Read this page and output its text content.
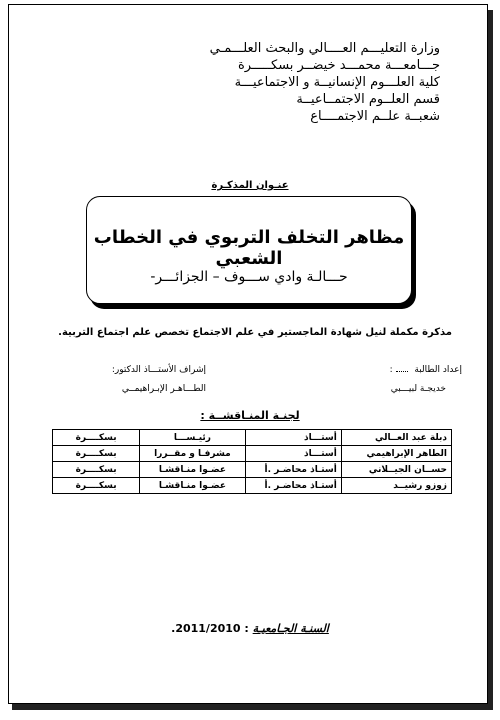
وزارة التعليـــم العــــالي والبحث العلـــمـي
جـــامعـــة محمـــد خيضــر بسكـــــرة
كلية العلـــوم الإنسانيــة و الاجتماعيـــة
قسم العلــوم الاجتمــاعيــة
شعبــة علــم الاجتمــــاع
عنـوان المذكـرة
مظاهر التخلف التربوي في الخطاب الشعبي
حـــالـة وادي ســـوف – الجزائـــر-
مذكرة مكملة لنيل شهادة الماجستير في علم الاجتماع تخصص علم اجتماع التربية.
إعداد الطالبة  :
خديجـة لبيـــبي
إشراف الأستـــاذ الدكتور:
الطـــاهـر الإبـراهيمــي
لجنـة المنـاقشــة :
دبلة عبد العــالي	أستـــاذ	رئيـســـا	بسكــــرة
الطاهر الإبراهيمي	أستـــاذ	مشرفـا و مقــررا	بسكــــرة
حســان الجيــلاني	أستـاذ محاضـر .أ	عضـوا منـاقشـا	بسكــــرة
زوزو رشيــد	أستـاذ محاضـر .أ	عضـوا منـاقشـا	بسكــــرة
السنـة الجـامعيـة : 2011/2010.
